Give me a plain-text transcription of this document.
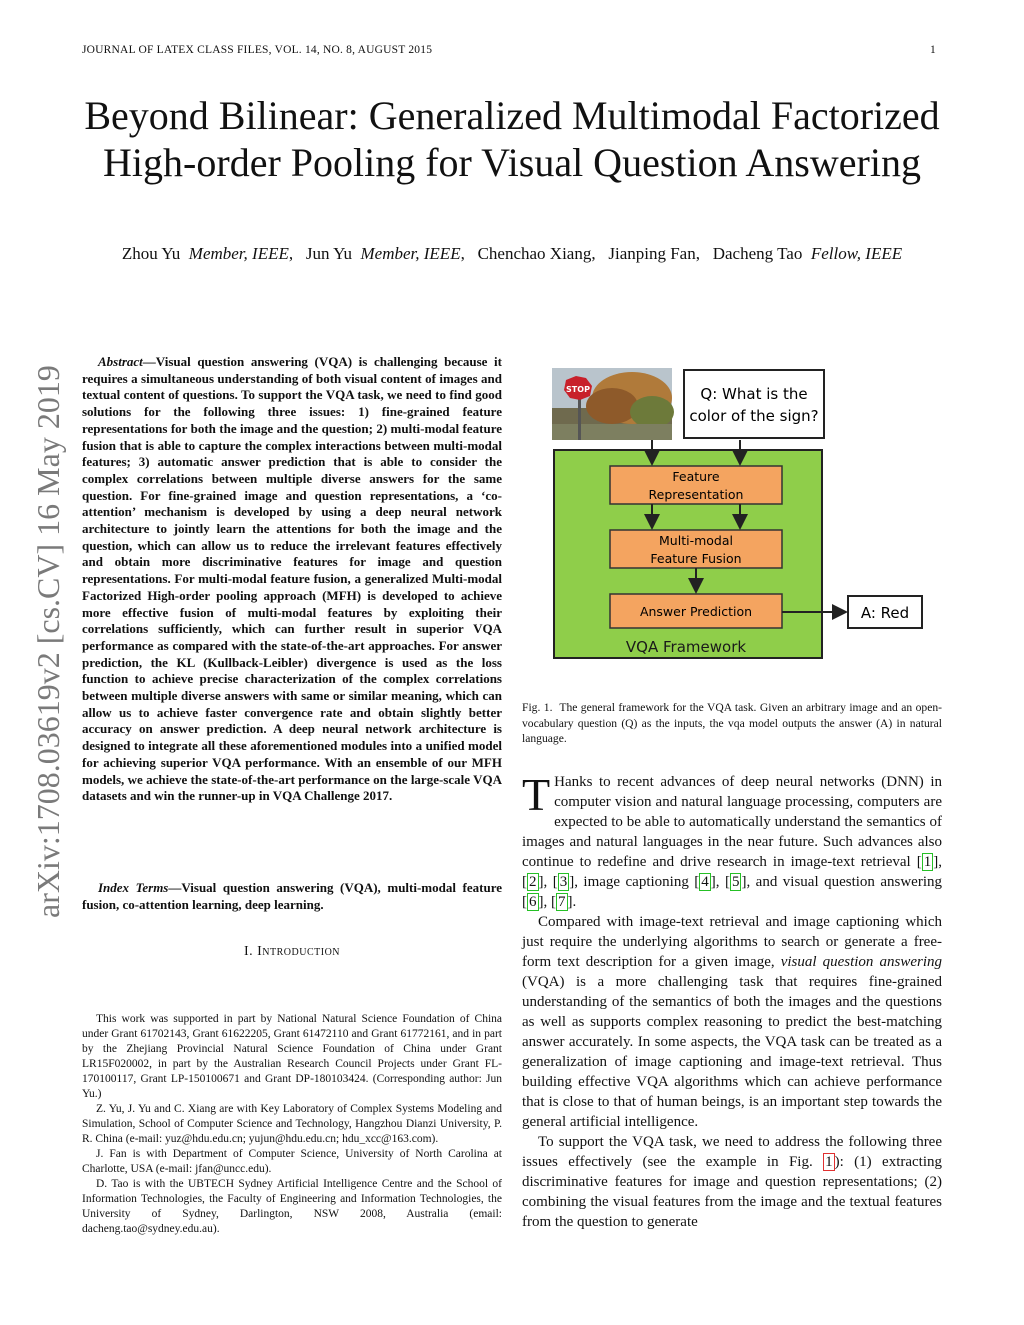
JOURNAL OF LATEX CLASS FILES, VOL. 14, NO. 8, AUGUST 2015	1
Beyond Bilinear: Generalized Multimodal Factorized High-order Pooling for Visual Question Answering
Zhou Yu Member, IEEE,   Jun Yu Member, IEEE,   Chenchao Xiang,   Jianping Fan,   Dacheng Tao Fellow, IEEE
arXiv:1708.03619v2 [cs.CV] 16 May 2019
Abstract—Visual question answering (VQA) is challenging because it requires a simultaneous understanding of both visual content of images and textual content of questions. To support the VQA task, we need to find good solutions for the following three issues: 1) fine-grained feature representations for both the image and the question; 2) multi-modal feature fusion that is able to capture the complex interactions between multi-modal features; 3) automatic answer prediction that is able to consider the complex correlations between multiple diverse answers for the same question. For fine-grained image and question representations, a ‘co-attention’ mechanism is developed by using a deep neural network architecture to jointly learn the attentions for both the image and the question, which can allow us to reduce the irrelevant features effectively and obtain more discriminative features for image and question representations. For multi-modal feature fusion, a generalized Multi-modal Factorized High-order pooling approach (MFH) is developed to achieve more effective fusion of multi-modal features by exploiting their correlations sufficiently, which can further result in superior VQA performance as compared with the state-of-the-art approaches. For answer prediction, the KL (Kullback-Leibler) divergence is used as the loss function to achieve precise characterization of the complex correlations between multiple diverse answers with same or similar meaning, which can allow us to achieve faster convergence rate and obtain slightly better accuracy on answer prediction. A deep neural network architecture is designed to integrate all these aforementioned modules into a unified model for achieving superior VQA performance. With an ensemble of our MFH models, we achieve the state-of-the-art performance on the large-scale VQA datasets and win the runner-up in VQA Challenge 2017.
Index Terms—Visual question answering (VQA), multi-modal feature fusion, co-attention learning, deep learning.
I. Introduction

This work was supported in part by National Natural Science Foundation of China under Grant 61702143, Grant 61622205, Grant 61472110 and Grant 61772161, and in part by the Zhejiang Provincial Natural Science Foundation of China under Grant LR15F020002, in part by the Australian Research Council Projects under Grant FL-170100117, Grant LP-150100671 and Grant DP-180103424. (Corresponding author: Jun Yu.)

Z. Yu, J. Yu and C. Xiang are with Key Laboratory of Complex Systems Modeling and Simulation, School of Computer Science and Technology, Hangzhou Dianzi University, P. R. China (e-mail: yuz@hdu.edu.cn; yujun@hdu.edu.cn; hdu_xcc@163.com).

J. Fan is with Department of Computer Science, University of North Carolina at Charlotte, USA (e-mail: jfan@uncc.edu).

D. Tao is with the UBTECH Sydney Artificial Intelligence Centre and the School of Information Technologies, the Faculty of Engineering and Information Technologies, the University of Sydney, Darlington, NSW 2008, Australia (email: dacheng.tao@sydney.edu.au).

STOP	Q: What is the
color of the sign?
Feature
Representation
Multi-modal
Feature Fusion
Answer Prediction
VQA Framework
A: Red
Fig. 1. The general framework for the VQA task. Given an arbitrary image and an open-vocabulary question (Q) as the inputs, the vqa model outputs the answer (A) in natural language.

T Hanks to recent advances of deep neural networks (DNN) in computer vision and natural language processing, computers are expected to be able to automatically understand the semantics of images and natural languages in the near future. Such advances also continue to redefine and drive research in image-text retrieval [ 1 ], [ 2 ], [ 3 ], image captioning [ 4 ], [ 5 ], and visual question answering [ 6 ], [ 7 ].

Compared with image-text retrieval and image captioning which just require the underlying algorithms to search or generate a free-form text description for a given image, visual question answering (VQA) is a more challenging task that requires fine-grained understanding of the semantics of both the images and the questions as well as supports complex reasoning to predict the best-matching answer accurately. In some aspects, the VQA task can be treated as a generalization of image captioning and image-text retrieval. Thus building effective VQA algorithms which can achieve performance that is close to that of human beings, is an important step towards the general artificial intelligence.

To support the VQA task, we need to address the following three issues effectively (see the example in Fig. 1 ): (1) extracting discriminative features for image and question representations; (2) combining the visual features from the image and the textual features from the question to generate
